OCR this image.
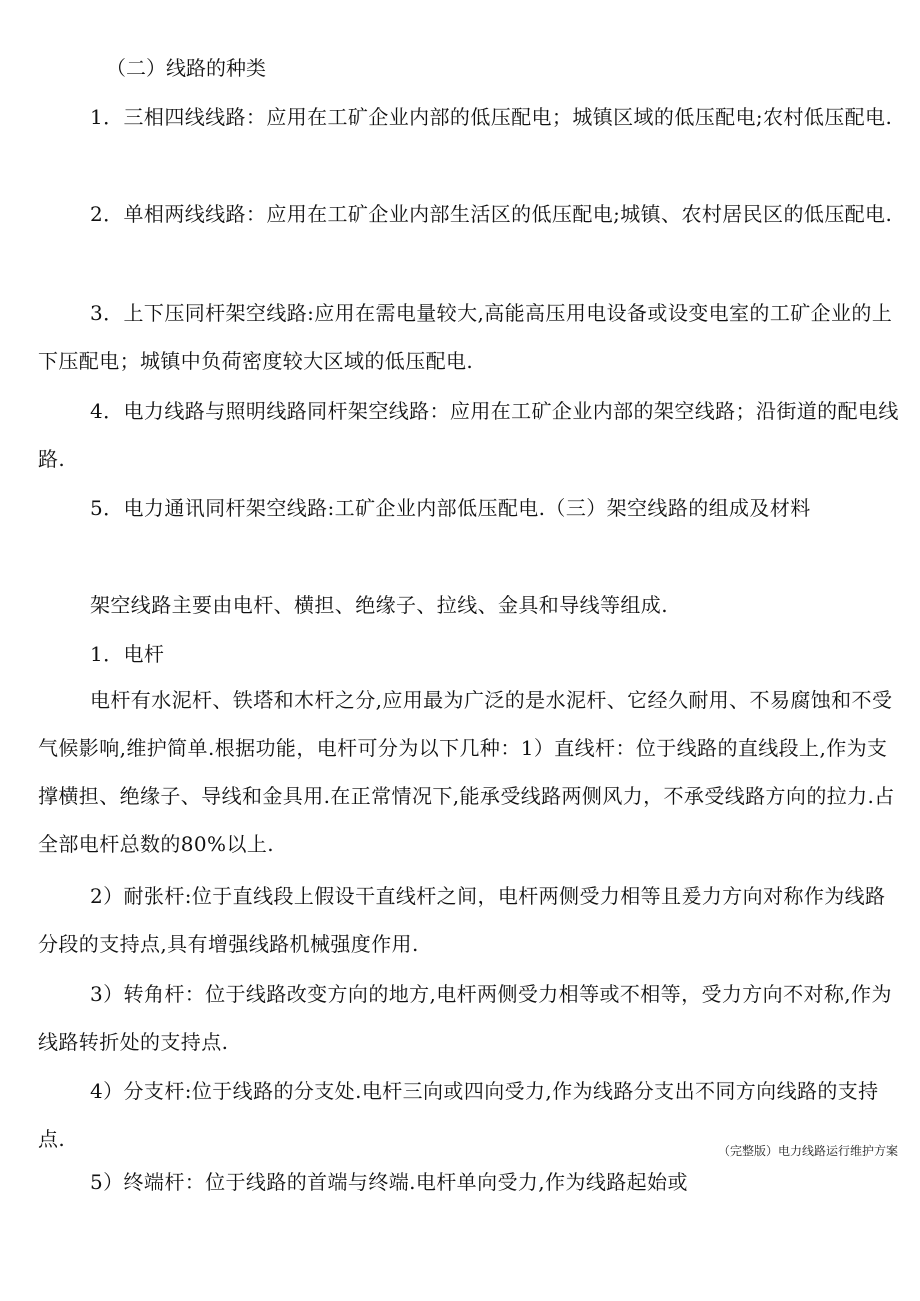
（二）线路的种类
1．三相四线线路：应用在工矿企业内部的低压配电；城镇区域的低压配电;农村低压配电.
2．单相两线线路：应用在工矿企业内部生活区的低压配电;城镇、农村居民区的低压配电.
3．上下压同杆架空线路:应用在需电量较大,高能高压用电设备或设变电室的工矿企业的上下压配电；城镇中负荷密度较大区域的低压配电.
4．电力线路与照明线路同杆架空线路：应用在工矿企业内部的架空线路；沿街道的配电线路.
5．电力通讯同杆架空线路:工矿企业内部低压配电.（三）架空线路的组成及材料
架空线路主要由电杆、横担、绝缘子、拉线、金具和导线等组成.
1．电杆
电杆有水泥杆、铁塔和木杆之分,应用最为广泛的是水泥杆、它经久耐用、不易腐蚀和不受气候影响,维护简单.根据功能，电杆可分为以下几种：1）直线杆：位于线路的直线段上,作为支撑横担、绝缘子、导线和金具用.在正常情况下,能承受线路两侧风力，不承受线路方向的拉力.占全部电杆总数的80%以上.
2）耐张杆:位于直线段上假设干直线杆之间，电杆两侧受力相等且爰力方向对称作为线路分段的支持点,具有增强线路机械强度作用.
3）转角杆：位于线路改变方向的地方,电杆两侧受力相等或不相等，受力方向不对称,作为线路转折处的支持点.
4）分支杆:位于线路的分支处.电杆三向或四向受力,作为线路分支出不同方向线路的支持点.	（完整版）电力线路运行维护方案
5）终端杆：位于线路的首端与终端.电杆单向受力,作为线路起始或
